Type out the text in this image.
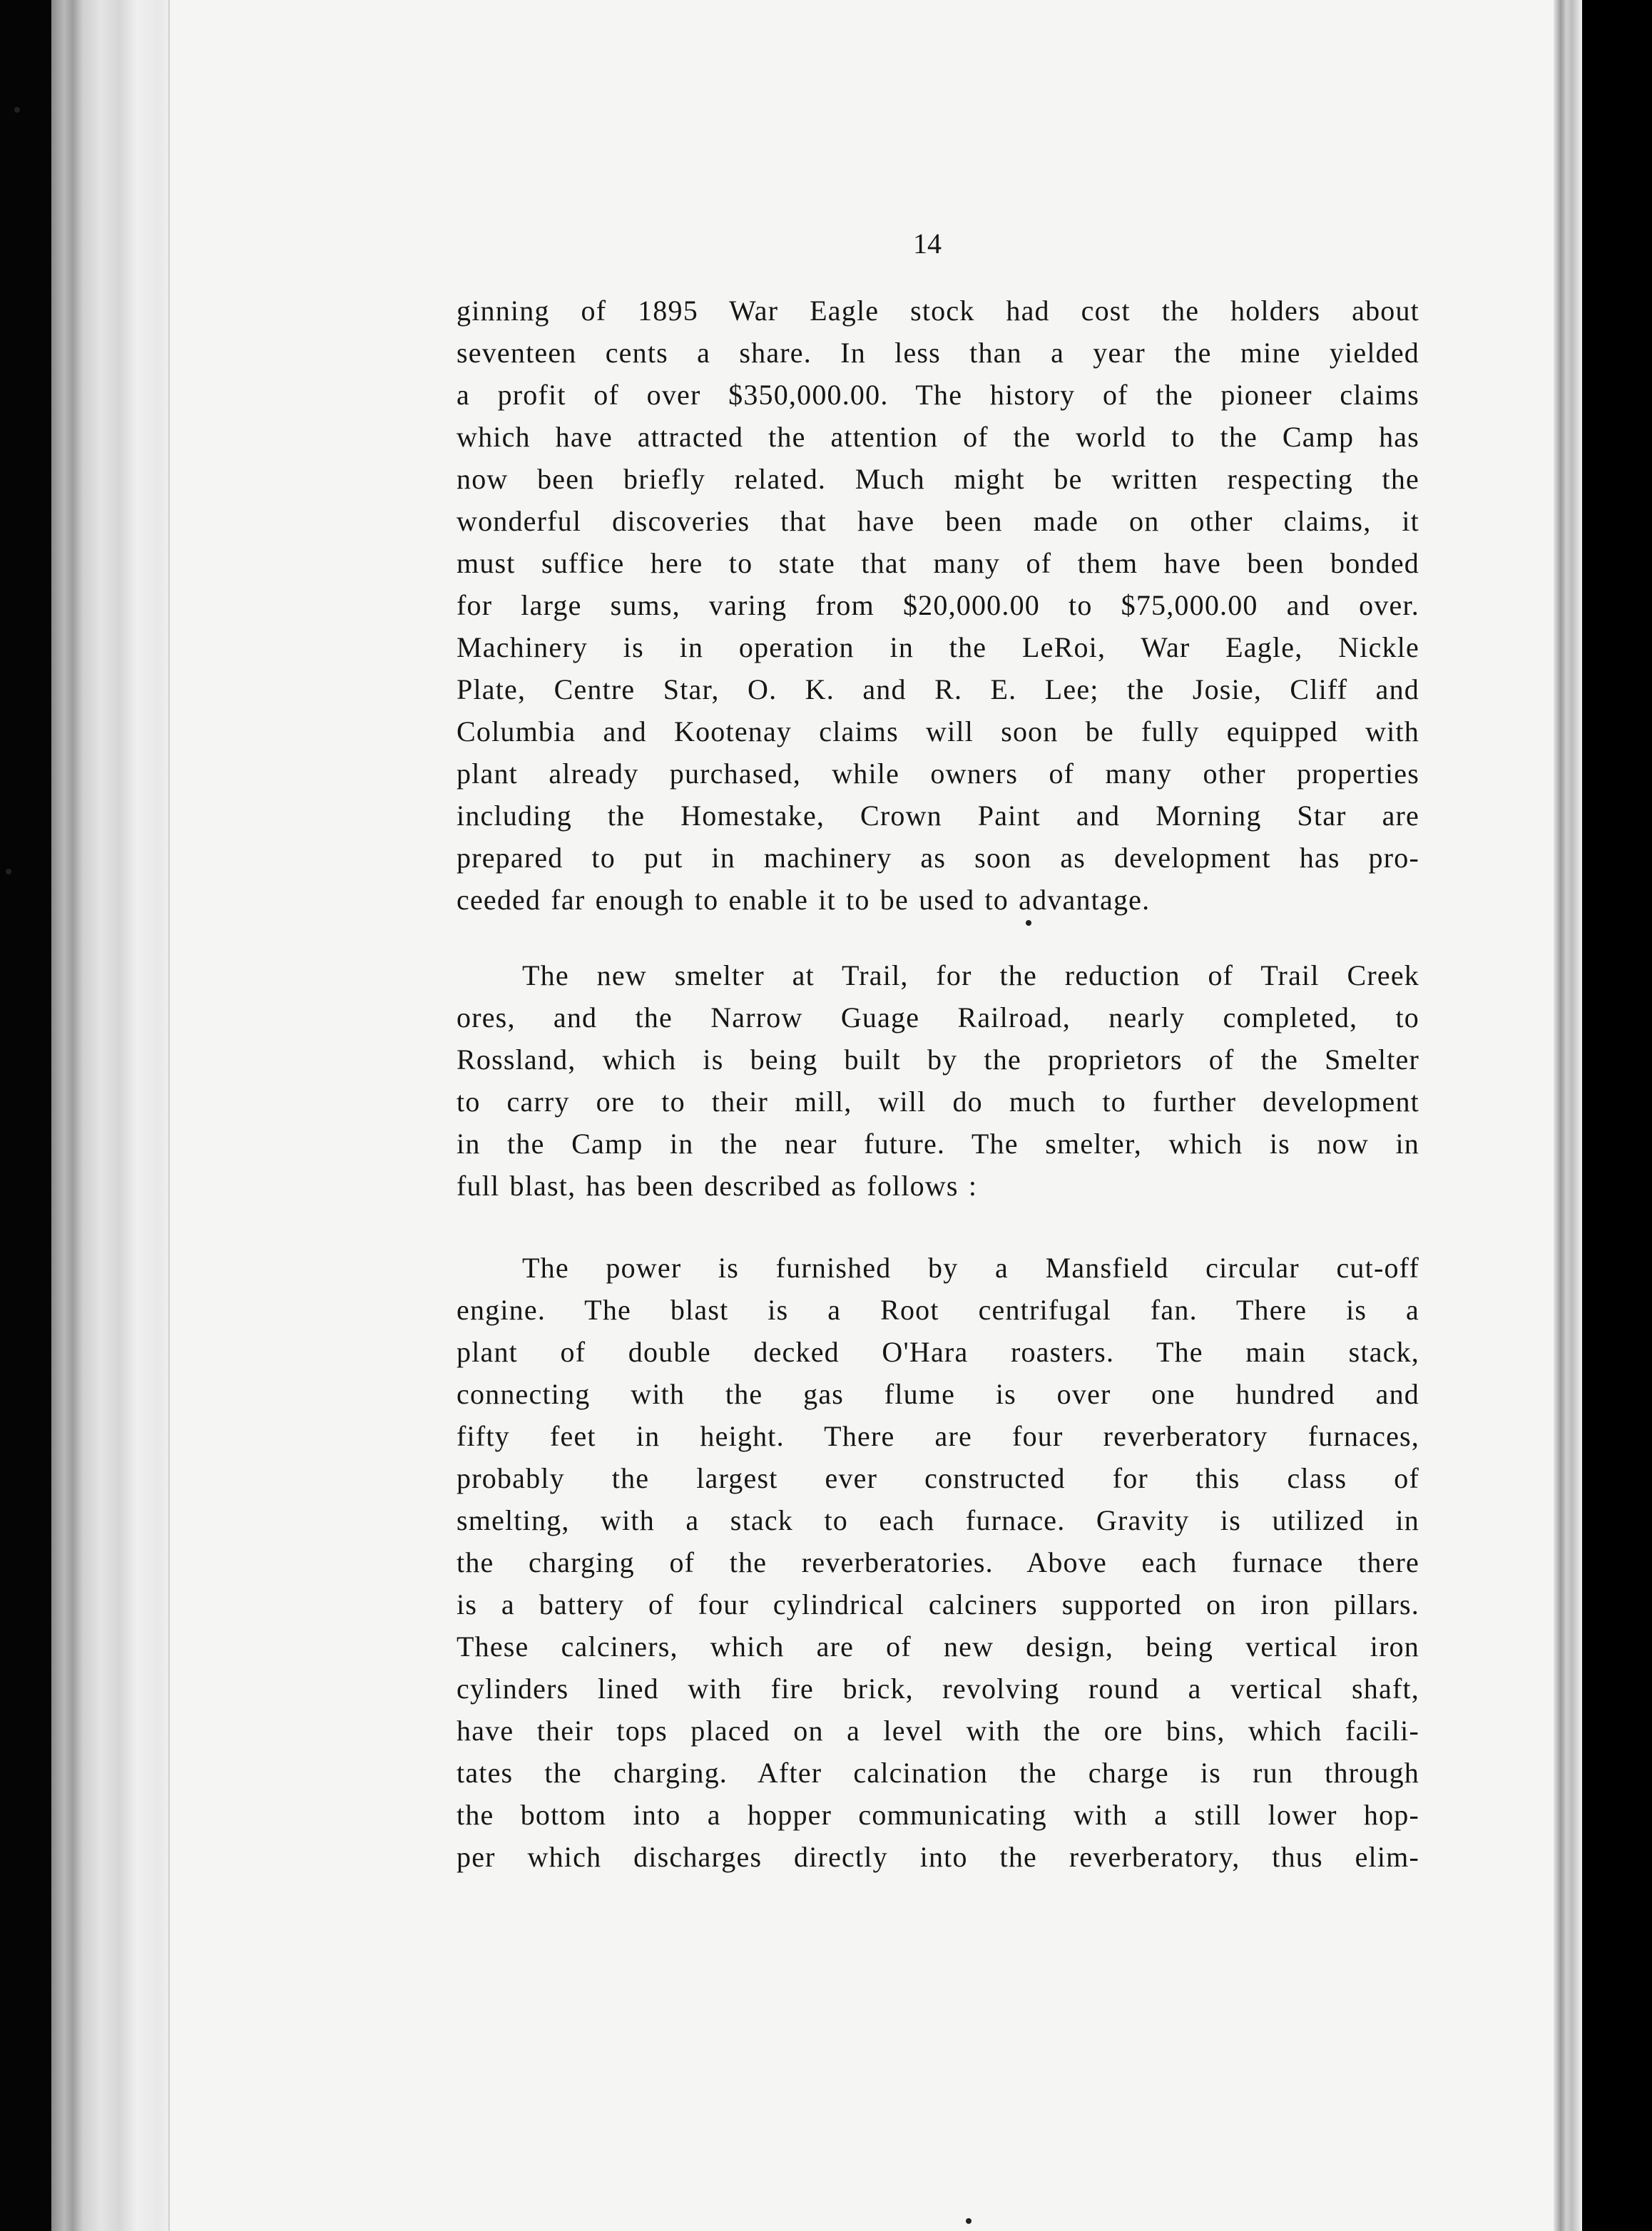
14
ginning of 1895 War Eagle stock had cost the holders about
seventeen cents a share. In less than a year the mine yielded
a profit of over $350,000.00. The history of the pioneer claims
which have attracted the attention of the world to the Camp has
now been briefly related. Much might be written respecting the
wonderful discoveries that have been made on other claims, it
must suffice here to state that many of them have been bonded
for large sums, varing from $20,000.00 to $75,000.00 and over.
Machinery is in operation in the LeRoi, War Eagle, Nickle
Plate, Centre Star, O. K. and R. E. Lee; the Josie, Cliff and
Columbia and Kootenay claims will soon be fully equipped with
plant already purchased, while owners of many other properties
including the Homestake, Crown Paint and Morning Star are
prepared to put in machinery as soon as development has pro-
ceeded far enough to enable it to be used to advantage.
The new smelter at Trail, for the reduction of Trail Creek
ores, and the Narrow Guage Railroad, nearly completed, to
Rossland, which is being built by the proprietors of the Smelter
to carry ore to their mill, will do much to further development
in the Camp in the near future. The smelter, which is now in
full blast, has been described as follows :
The power is furnished by a Mansfield circular cut-off
engine. The blast is a Root centrifugal fan. There is a
plant of double decked O'Hara roasters. The main stack,
connecting with the gas flume is over one hundred and
fifty feet in height. There are four reverberatory furnaces,
probably the largest ever constructed for this class of
smelting, with a stack to each furnace. Gravity is utilized in
the charging of the reverberatories. Above each furnace there
is a battery of four cylindrical calciners supported on iron pillars.
These calciners, which are of new design, being vertical iron
cylinders lined with fire brick, revolving round a vertical shaft,
have their tops placed on a level with the ore bins, which facili-
tates the charging. After calcination the charge is run through
the bottom into a hopper communicating with a still lower hop-
per which discharges directly into the reverberatory, thus elim-
